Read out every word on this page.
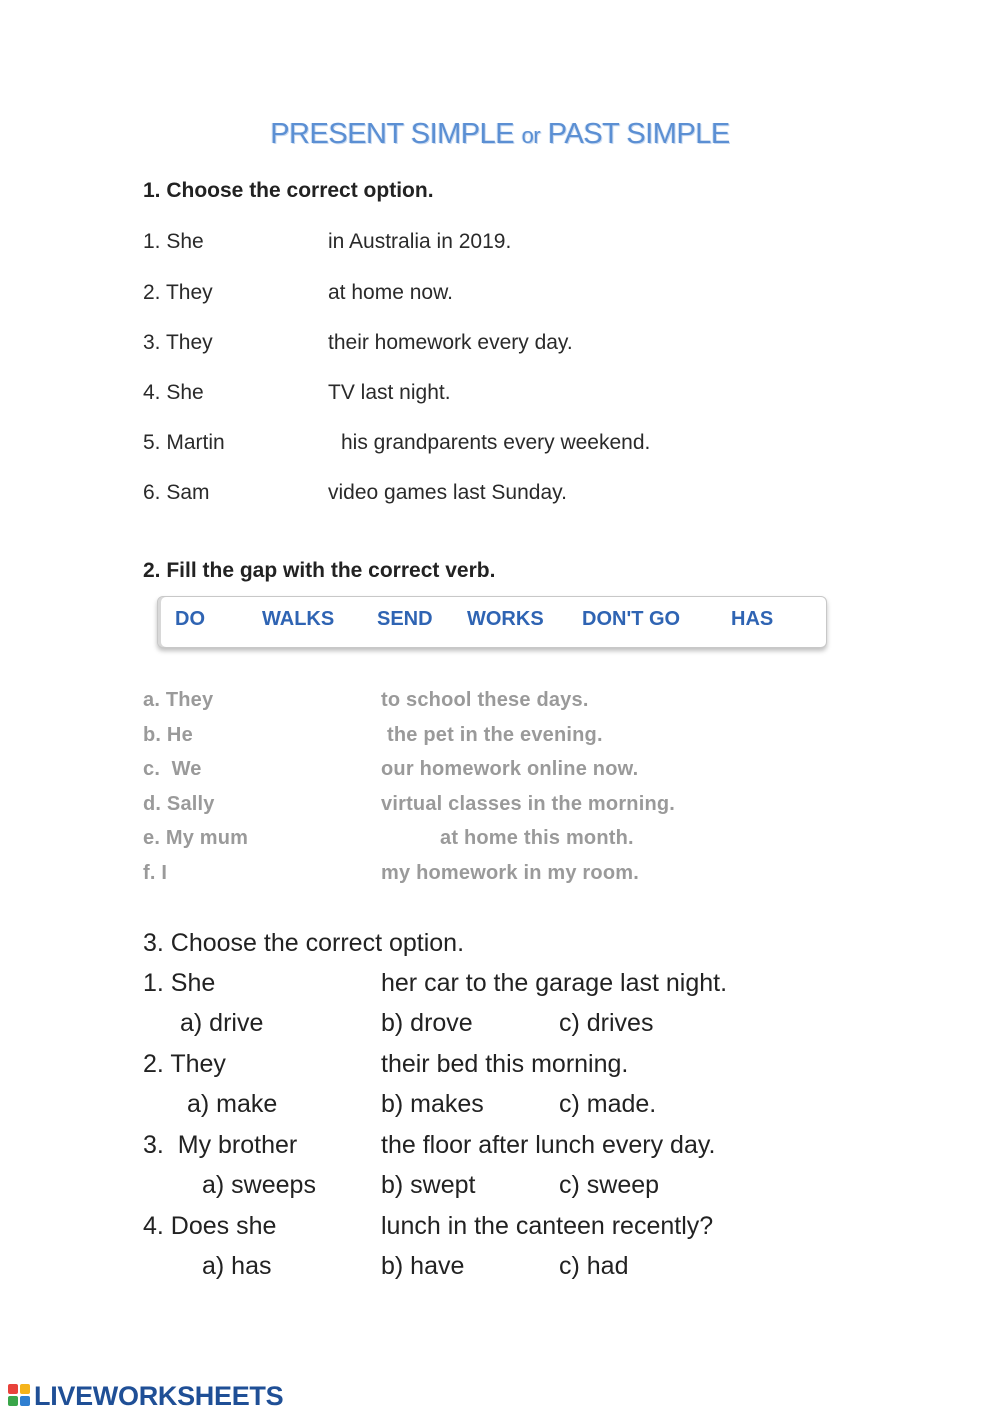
PRESENT SIMPLE or PAST SIMPLE
1. Choose the correct option.
1. She	in Australia in 2019.
2. They	at home now.
3. They	their homework every day.
4. She	TV last night.
5. Martin	his grandparents every weekend.
6. Sam	video games last Sunday.
2. Fill the gap with the correct verb.
DO	WALKS SEND WORKS DON'T GO	HAS
a. They	to school these days.
b. He	the pet in the evening.
c.  We	our homework online now.
d. Sally	virtual classes in the morning.
e. My mum	at home this month.
f. I	my homework in my room.
3. Choose the correct option.
1. She	her car to the garage last night.
a) drive	b) drove	c) drives
2. They	their bed this morning.
a) make	b) makes	c) made.
3.  My brother	the floor after lunch every day.
a) sweeps	b) swept	c) sweep
4. Does she	lunch in the canteen recently?
a) has	b) have	c) had
LIVEWORKSHEETS
